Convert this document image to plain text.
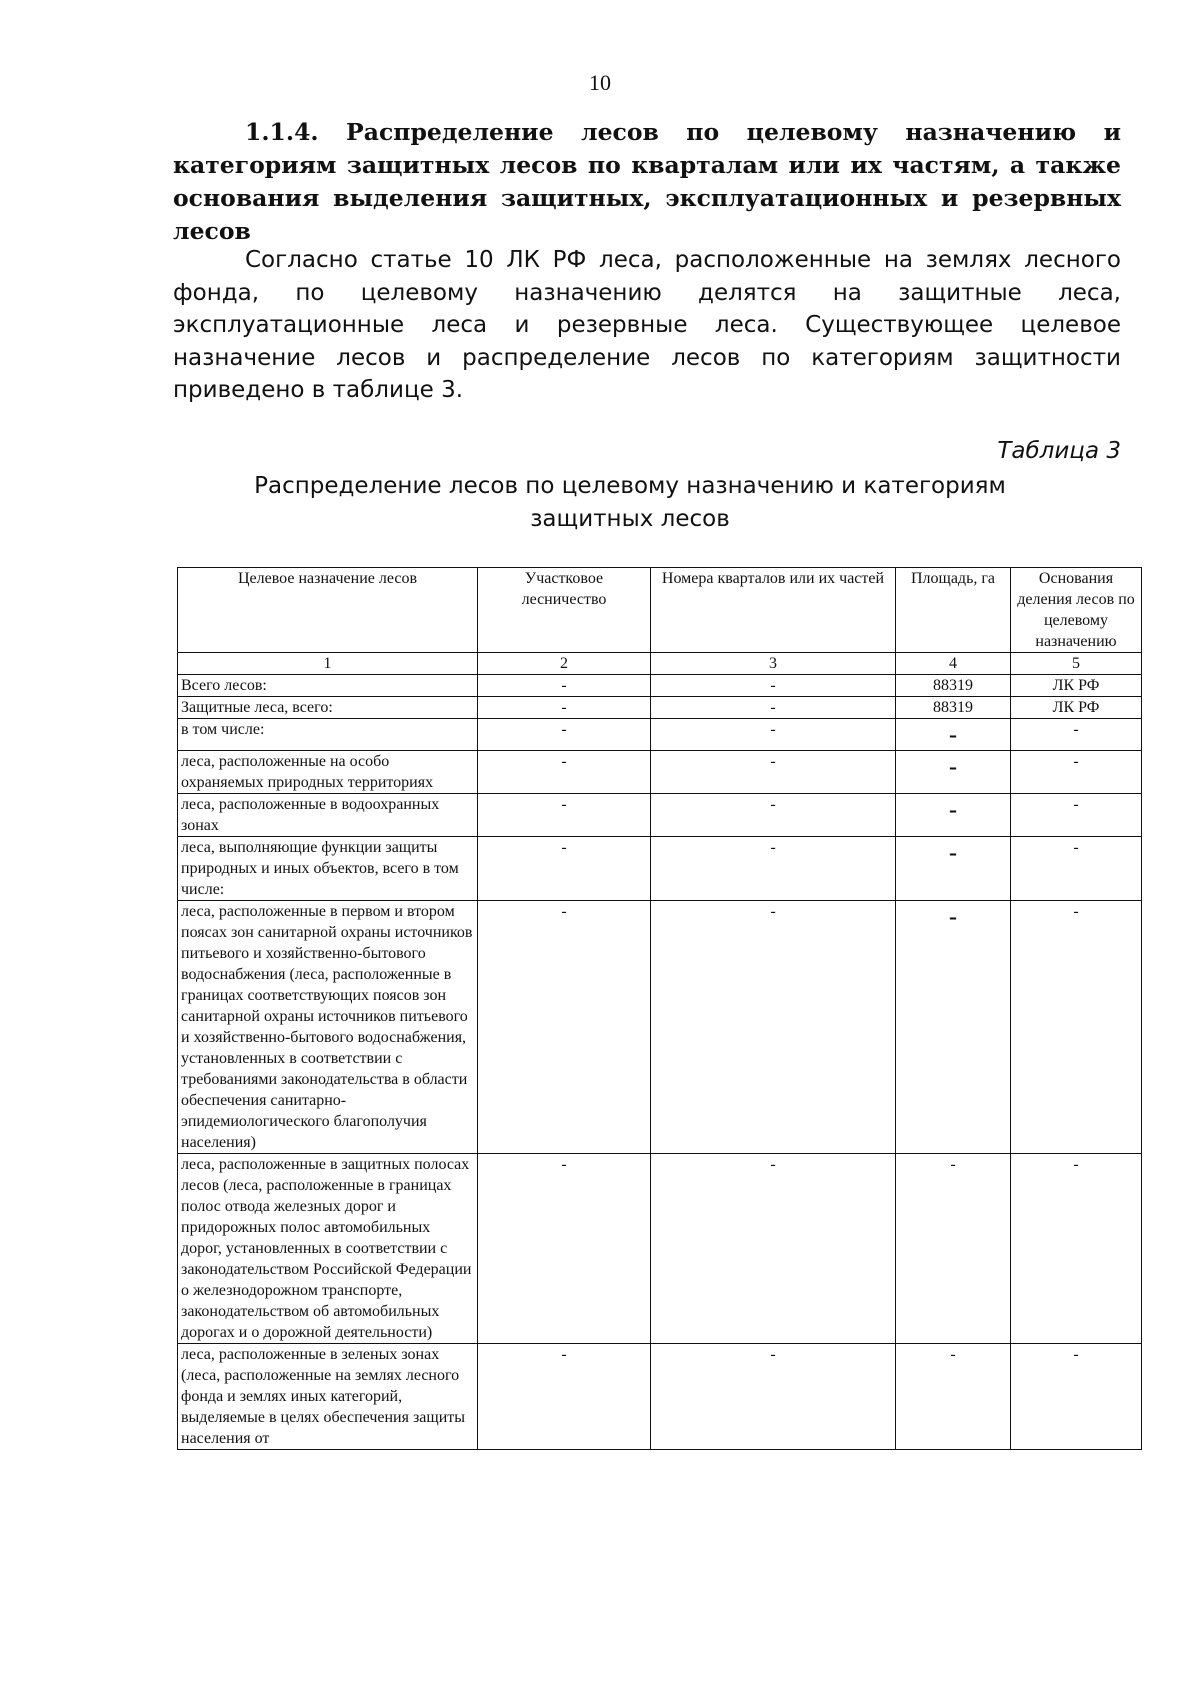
10
1.1.4. Распределение лесов по целевому назначению и категориям защитных лесов по кварталам или их частям, а также основания выделения защитных, эксплуатационных и резервных лесов
Согласно статье 10 ЛК РФ леса, расположенные на землях лесного фонда, по целевому назначению делятся на защитные леса, эксплуатационные леса и резервные леса. Существующее целевое назначение лесов и распределение лесов по категориям защитности приведено в таблице 3.
Таблица 3
Распределение лесов по целевому назначению и категориям
защитных лесов
Целевое назначение лесов	Участковое лесничество	Номера кварталов или их частей	Площадь, га	Основания деления лесов по целевому назначению
1	2	3	4	5
Всего лесов:	-	-	88319	ЛК РФ
Защитные леса, всего:	-	-	88319	ЛК РФ
в том числе:	-	-	–	-
леса, расположенные на особо охраняемых природных территориях	-	-	–	-
леса, расположенные в водоохранных зонах	-	-	–	-
леса, выполняющие функции защиты природных и иных объектов, всего в том числе:	-	-	–	-
леса, расположенные в первом и втором поясах зон санитарной охраны источников питьевого и хозяйственно-бытового водоснабжения (леса, расположенные в границах соответствующих поясов зон санитарной охраны источников питьевого и хозяйственно-бытового водоснабжения, установленных в соответствии с требованиями законодательства в области обеспечения санитарно-эпидемиологического благополучия населения)	-	-	–	-
леса, расположенные в защитных полосах лесов (леса, расположенные в границах полос отвода железных дорог и придорожных полос автомобильных дорог, установленных в соответствии с законодательством Российской Федерации о железнодорожном транспорте, законодательством об автомобильных дорогах и о дорожной деятельности)	-	-	-	-

леса, расположенные в зеленых зонах
(леса, расположенные на землях лесного фонда и землях иных категорий, выделяемые в целях обеспечения защиты населения от	-	-	-	-
